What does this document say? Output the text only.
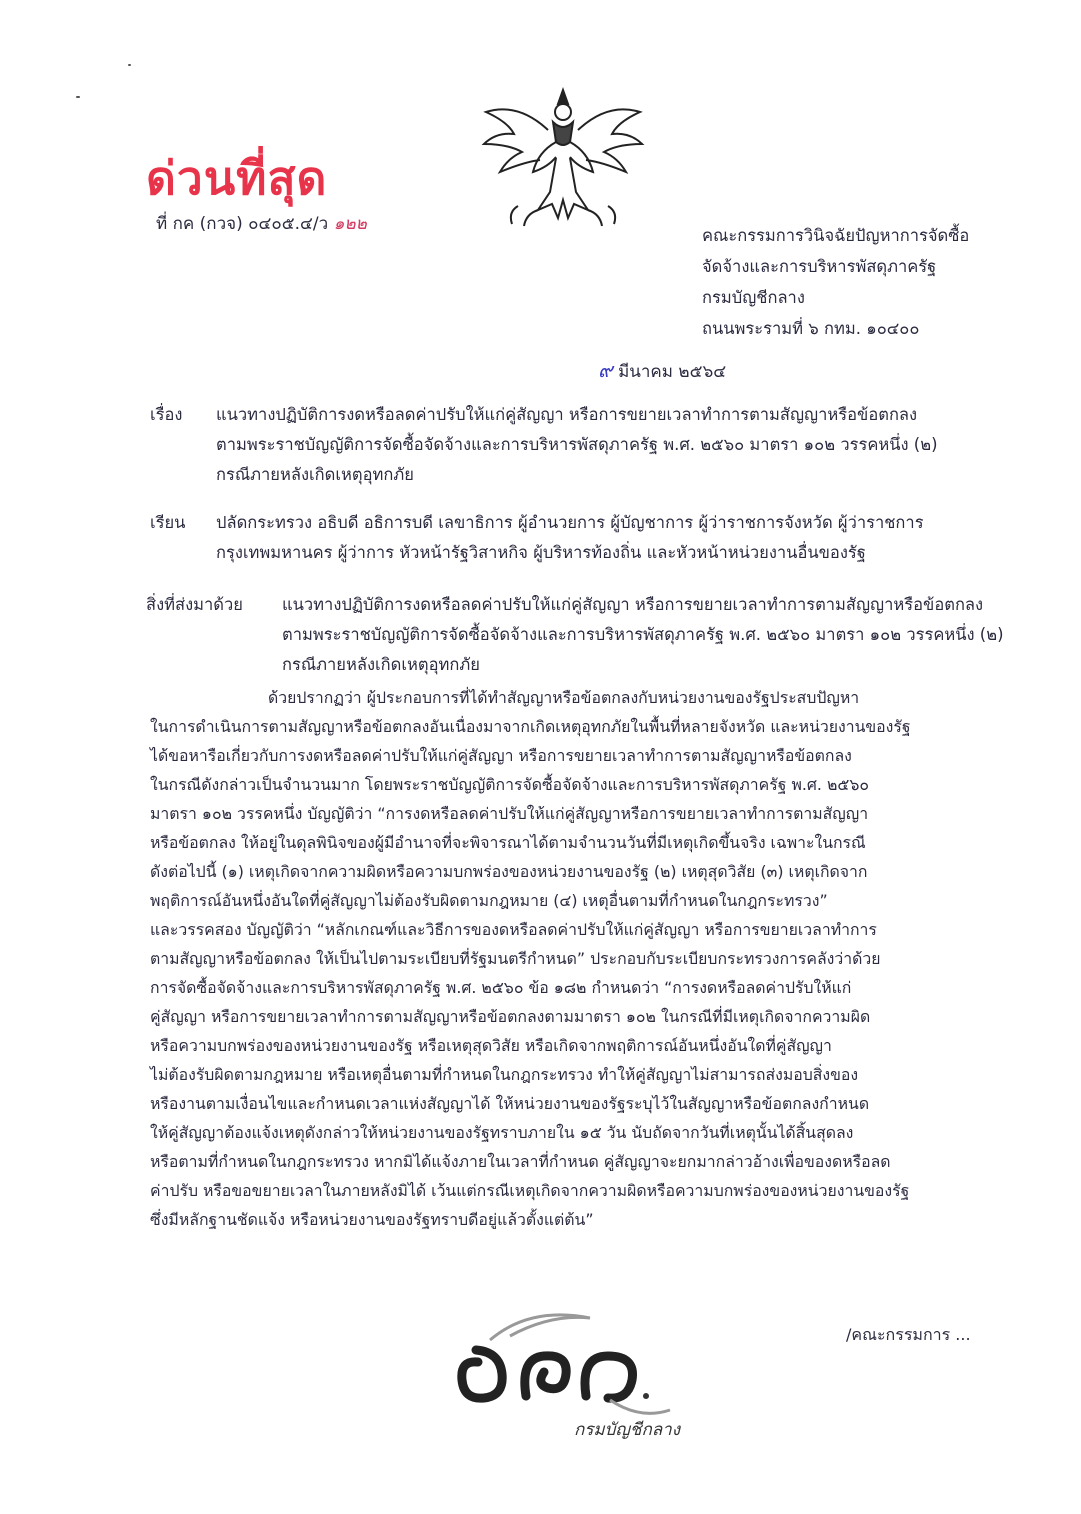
ด่วนที่สุด
ที่ กค (กวจ) ๐๔๐๕.๔/ว ๑๒๒
คณะกรรมการวินิจฉัยปัญหาการจัดซื้อ
จัดจ้างและการบริหารพัสดุภาครัฐ
กรมบัญชีกลาง
ถนนพระรามที่ ๖ กทม. ๑๐๔๐๐
๙ มีนาคม ๒๕๖๔
เรื่อง แนวทางปฏิบัติการงดหรือลดค่าปรับให้แก่คู่สัญญา หรือการขยายเวลาทำการตามสัญญาหรือข้อตกลง
ตามพระราชบัญญัติการจัดซื้อจัดจ้างและการบริหารพัสดุภาครัฐ พ.ศ. ๒๕๖๐ มาตรา ๑๐๒ วรรคหนึ่ง (๒)
กรณีภายหลังเกิดเหตุอุทกภัย
เรียน ปลัดกระทรวง อธิบดี อธิการบดี เลขาธิการ ผู้อำนวยการ ผู้บัญชาการ ผู้ว่าราชการจังหวัด ผู้ว่าราชการ
กรุงเทพมหานคร ผู้ว่าการ หัวหน้ารัฐวิสาหกิจ ผู้บริหารท้องถิ่น และหัวหน้าหน่วยงานอื่นของรัฐ
สิ่งที่ส่งมาด้วย แนวทางปฏิบัติการงดหรือลดค่าปรับให้แก่คู่สัญญา หรือการขยายเวลาทำการตามสัญญาหรือข้อตกลง
ตามพระราชบัญญัติการจัดซื้อจัดจ้างและการบริหารพัสดุภาครัฐ พ.ศ. ๒๕๖๐ มาตรา ๑๐๒ วรรคหนึ่ง (๒)
กรณีภายหลังเกิดเหตุอุทกภัย
ด้วยปรากฏว่า ผู้ประกอบการที่ได้ทำสัญญาหรือข้อตกลงกับหน่วยงานของรัฐประสบปัญหา
ในการดำเนินการตามสัญญาหรือข้อตกลงอันเนื่องมาจากเกิดเหตุอุทกภัยในพื้นที่หลายจังหวัด และหน่วยงานของรัฐ
ได้ขอหารือเกี่ยวกับการงดหรือลดค่าปรับให้แก่คู่สัญญา หรือการขยายเวลาทำการตามสัญญาหรือข้อตกลง
ในกรณีดังกล่าวเป็นจำนวนมาก โดยพระราชบัญญัติการจัดซื้อจัดจ้างและการบริหารพัสดุภาครัฐ พ.ศ. ๒๕๖๐
มาตรา ๑๐๒ วรรคหนึ่ง บัญญัติว่า “การงดหรือลดค่าปรับให้แก่คู่สัญญาหรือการขยายเวลาทำการตามสัญญา
หรือข้อตกลง ให้อยู่ในดุลพินิจของผู้มีอำนาจที่จะพิจารณาได้ตามจำนวนวันที่มีเหตุเกิดขึ้นจริง เฉพาะในกรณี
ดังต่อไปนี้ (๑) เหตุเกิดจากความผิดหรือความบกพร่องของหน่วยงานของรัฐ (๒) เหตุสุดวิสัย (๓) เหตุเกิดจาก
พฤติการณ์อันหนึ่งอันใดที่คู่สัญญาไม่ต้องรับผิดตามกฎหมาย (๔) เหตุอื่นตามที่กำหนดในกฎกระทรวง”
และวรรคสอง บัญญัติว่า “หลักเกณฑ์และวิธีการของดหรือลดค่าปรับให้แก่คู่สัญญา หรือการขยายเวลาทำการ
ตามสัญญาหรือข้อตกลง ให้เป็นไปตามระเบียบที่รัฐมนตรีกำหนด” ประกอบกับระเบียบกระทรวงการคลังว่าด้วย
การจัดซื้อจัดจ้างและการบริหารพัสดุภาครัฐ พ.ศ. ๒๕๖๐ ข้อ ๑๘๒ กำหนดว่า “การงดหรือลดค่าปรับให้แก่
คู่สัญญา หรือการขยายเวลาทำการตามสัญญาหรือข้อตกลงตามมาตรา ๑๐๒ ในกรณีที่มีเหตุเกิดจากความผิด
หรือความบกพร่องของหน่วยงานของรัฐ หรือเหตุสุดวิสัย หรือเกิดจากพฤติการณ์อันหนึ่งอันใดที่คู่สัญญา
ไม่ต้องรับผิดตามกฎหมาย หรือเหตุอื่นตามที่กำหนดในกฎกระทรวง ทำให้คู่สัญญาไม่สามารถส่งมอบสิ่งของ
หรืองานตามเงื่อนไขและกำหนดเวลาแห่งสัญญาได้ ให้หน่วยงานของรัฐระบุไว้ในสัญญาหรือข้อตกลงกำหนด
ให้คู่สัญญาต้องแจ้งเหตุดังกล่าวให้หน่วยงานของรัฐทราบภายใน ๑๕ วัน นับถัดจากวันที่เหตุนั้นได้สิ้นสุดลง
หรือตามที่กำหนดในกฎกระทรวง หากมิได้แจ้งภายในเวลาที่กำหนด คู่สัญญาจะยกมากล่าวอ้างเพื่อของดหรือลด
ค่าปรับ หรือขอขยายเวลาในภายหลังมิได้ เว้นแต่กรณีเหตุเกิดจากความผิดหรือความบกพร่องของหน่วยงานของรัฐ
ซึ่งมีหลักฐานชัดแจ้ง หรือหน่วยงานของรัฐทราบดีอยู่แล้วตั้งแต่ต้น”
กรมบัญชีกลาง
/คณะกรรมการ ...
